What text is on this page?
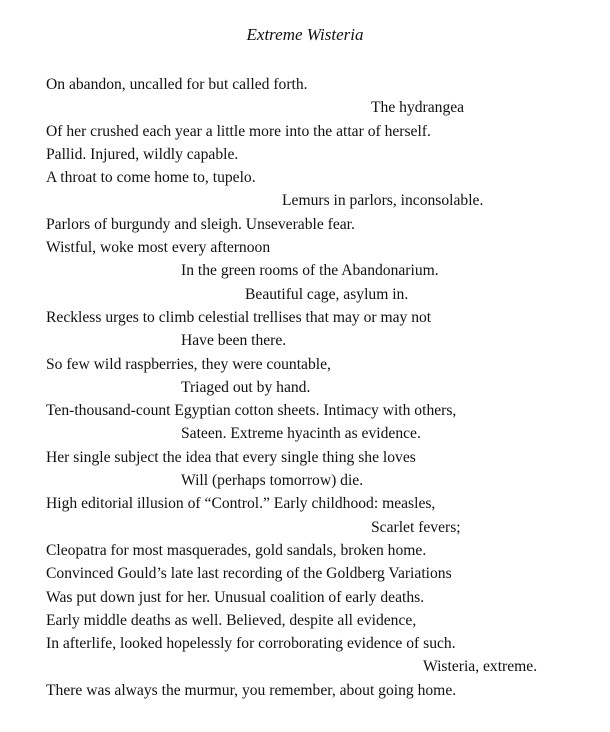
Extreme Wisteria
On abandon, uncalled for but called forth.
The hydrangea
Of her crushed each year a little more into the attar of herself.
Pallid. Injured, wildly capable.
A throat to come home to, tupelo.
Lemurs in parlors, inconsolable.
Parlors of burgundy and sleigh. Unseverable fear.
Wistful, woke most every afternoon
In the green rooms of the Abandonarium.
Beautiful cage, asylum in.
Reckless urges to climb celestial trellises that may or may not
Have been there.
So few wild raspberries, they were countable,
Triaged out by hand.
Ten-thousand-count Egyptian cotton sheets. Intimacy with others,
Sateen. Extreme hyacinth as evidence.
Her single subject the idea that every single thing she loves
Will (perhaps tomorrow) die.
High editorial illusion of “Control.” Early childhood: measles,
Scarlet fevers;
Cleopatra for most masquerades, gold sandals, broken home.
Convinced Gould’s late last recording of the Goldberg Variations
Was put down just for her. Unusual coalition of early deaths.
Early middle deaths as well. Believed, despite all evidence,
In afterlife, looked hopelessly for corroborating evidence of such.
Wisteria, extreme.
There was always the murmur, you remember, about going home.
